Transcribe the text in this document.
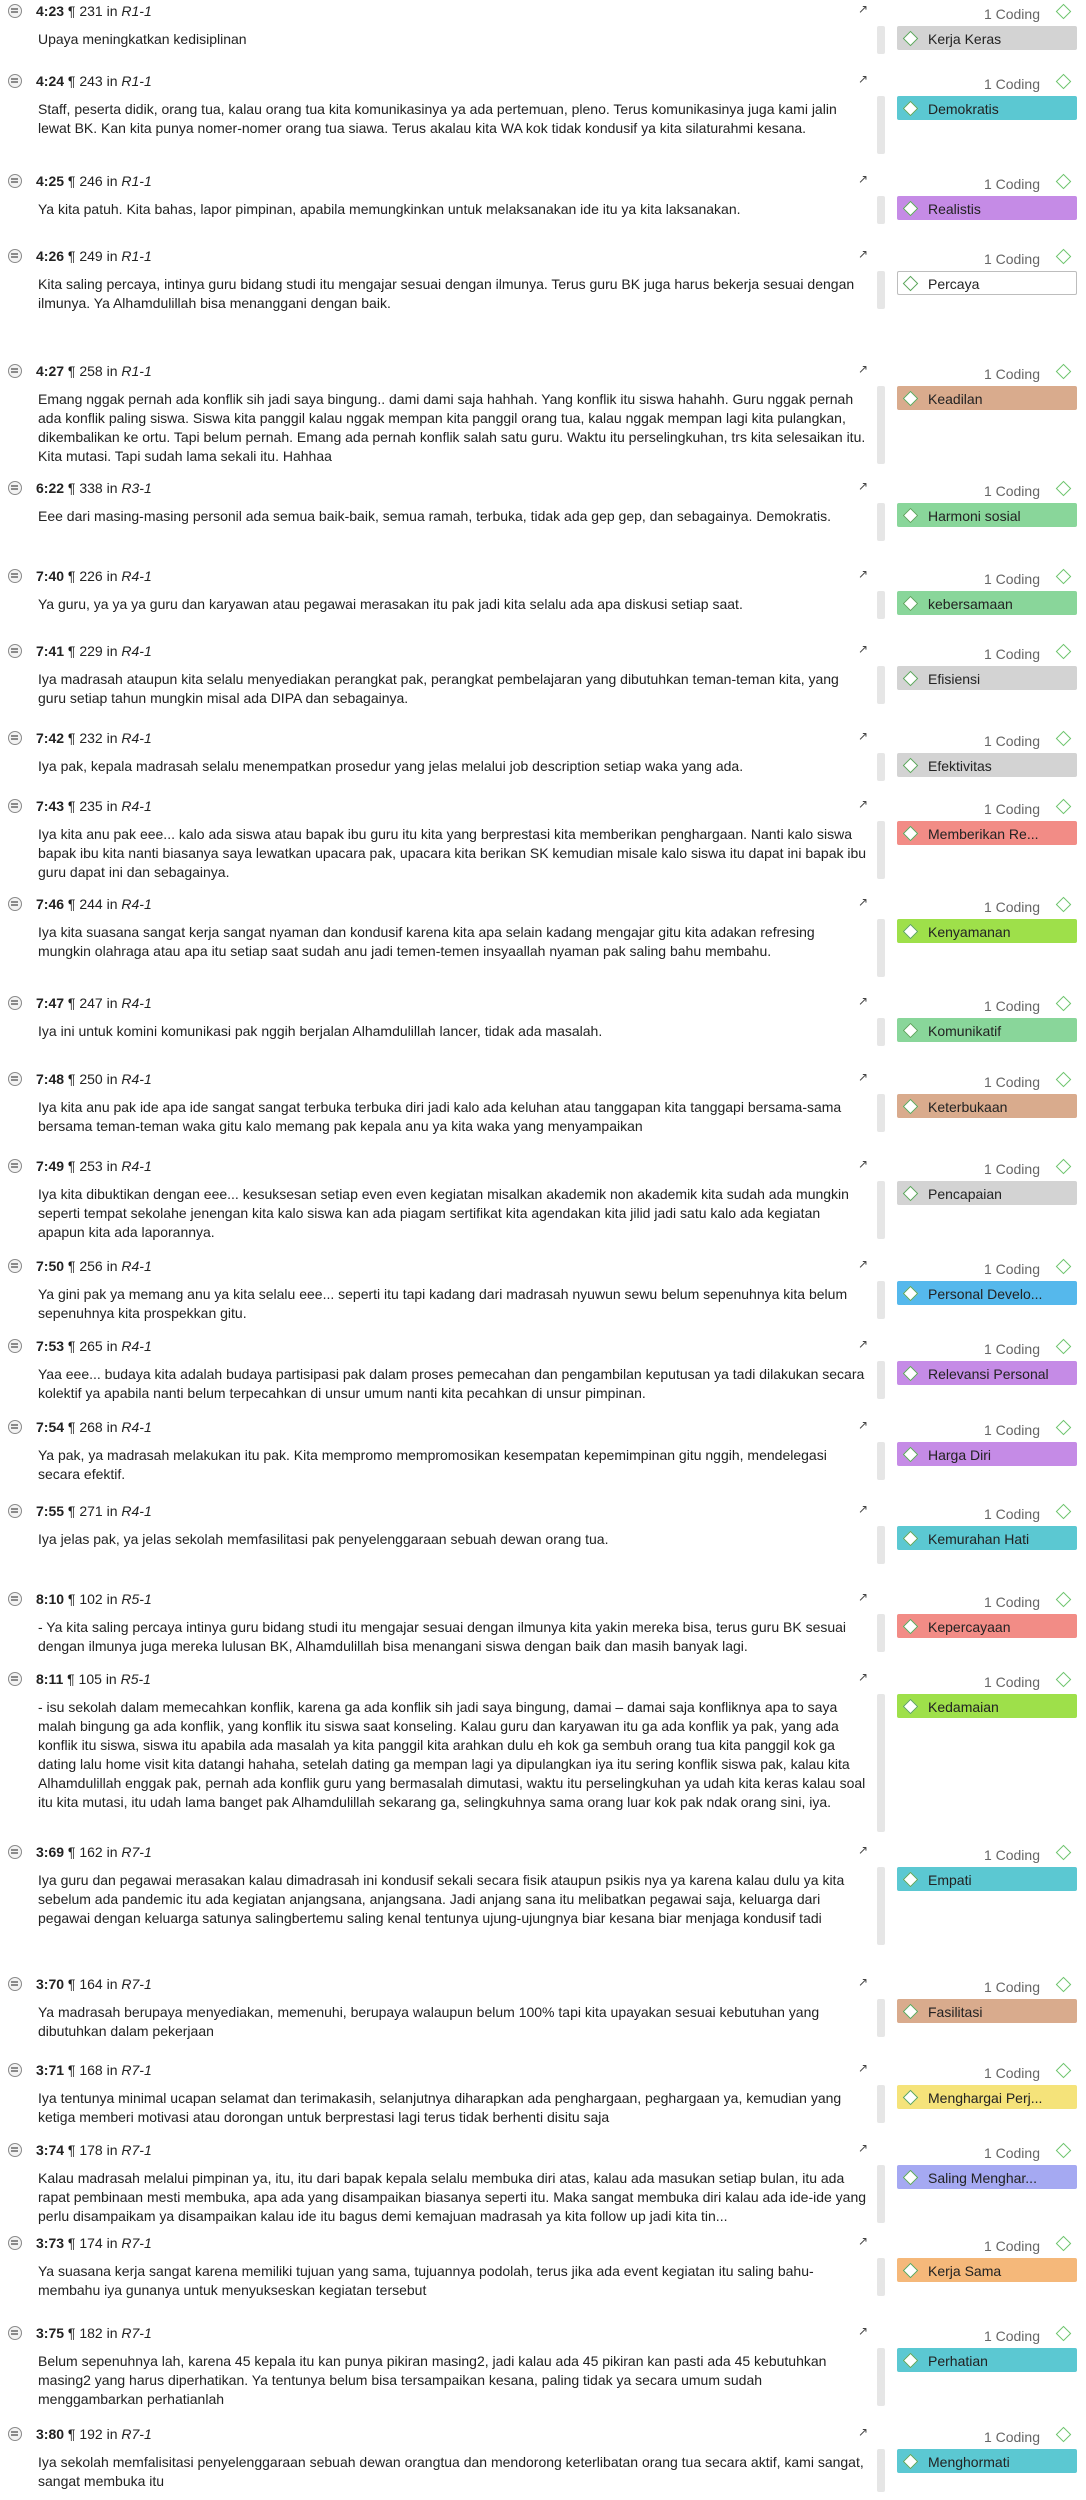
4:23 ¶ 231 in R1-1	↗	1 Coding
Upaya meningkatkan kedisiplinan	Kerja Keras
4:24 ¶ 243 in R1-1	↗	1 Coding
Staff, peserta didik, orang tua, kalau orang tua kita komunikasinya ya ada pertemuan, pleno. Terus komunikasinya juga kami jalin lewat BK. Kan kita punya nomer-nomer orang tua siawa. Terus akalau kita WA kok tidak kondusif ya kita silaturahmi kesana.
Demokratis
4:25 ¶ 246 in R1-1	↗	1 Coding
Ya kita patuh. Kita bahas, lapor pimpinan, apabila memungkinkan untuk melaksanakan ide itu ya kita laksanakan.	Realistis
4:26 ¶ 249 in R1-1	↗	1 Coding
Kita saling percaya, intinya guru bidang studi itu mengajar sesuai dengan ilmunya. Terus guru BK juga harus bekerja sesuai dengan ilmunya. Ya Alhamdulillah bisa menanggani dengan baik.
Percaya
4:27 ¶ 258 in R1-1	↗	1 Coding
Emang nggak pernah ada konflik sih jadi saya bingung.. dami dami saja hahhah. Yang konflik itu siswa hahahh. Guru nggak pernah ada konflik paling siswa. Siswa kita panggil kalau nggak mempan kita panggil orang tua, kalau nggak mempan lagi kita pulangkan, dikembalikan ke ortu. Tapi belum pernah. Emang ada pernah konflik salah satu guru. Waktu itu perselingkuhan, trs kita selesaikan itu. Kita mutasi. Tapi sudah lama sekali itu. Hahhaa
Keadilan
6:22 ¶ 338 in R3-1	↗	1 Coding
Eee dari masing-masing personil ada semua baik-baik, semua ramah, terbuka, tidak ada gep gep, dan sebagainya. Demokratis.	Harmoni sosial
7:40 ¶ 226 in R4-1	↗	1 Coding
Ya guru, ya ya ya guru dan karyawan atau pegawai merasakan itu pak jadi kita selalu ada apa diskusi setiap saat.	kebersamaan
7:41 ¶ 229 in R4-1	↗	1 Coding
Iya madrasah ataupun kita selalu menyediakan perangkat pak, perangkat pembelajaran yang dibutuhkan teman-teman kita, yang guru setiap tahun mungkin misal ada DIPA dan sebagainya.
Efisiensi
7:42 ¶ 232 in R4-1	↗	1 Coding
Iya pak, kepala madrasah selalu menempatkan prosedur yang jelas melalui job description setiap waka yang ada.	Efektivitas
7:43 ¶ 235 in R4-1	↗	1 Coding
Iya kita anu pak eee... kalo ada siswa atau bapak ibu guru itu kita yang berprestasi kita memberikan penghargaan. Nanti kalo siswa bapak ibu kita nanti biasanya saya lewatkan upacara pak, upacara kita berikan SK kemudian misale kalo siswa itu dapat ini bapak ibu guru dapat ini dan sebagainya.
Memberikan Re...
7:46 ¶ 244 in R4-1	↗	1 Coding
Iya kita suasana sangat kerja sangat nyaman dan kondusif karena kita apa selain kadang mengajar gitu kita adakan refresing mungkin olahraga atau apa itu setiap saat sudah anu jadi temen-temen insyaallah nyaman pak saling bahu membahu.
Kenyamanan
7:47 ¶ 247 in R4-1	↗	1 Coding
Iya ini untuk komini komunikasi pak nggih berjalan Alhamdulillah lancer, tidak ada masalah.	Komunikatif
7:48 ¶ 250 in R4-1	↗	1 Coding
Iya kita anu pak ide apa ide sangat sangat terbuka terbuka diri jadi kalo ada keluhan atau tanggapan kita tanggapi bersama-sama bersama teman-teman waka gitu kalo memang pak kepala anu ya kita waka yang menyampaikan
Keterbukaan
7:49 ¶ 253 in R4-1	↗	1 Coding
Iya kita dibuktikan dengan eee... kesuksesan setiap even even kegiatan misalkan akademik non akademik kita sudah ada mungkin seperti tempat sekolahe jenengan kita kalo siswa kan ada piagam sertifikat kita agendakan kita jilid jadi satu kalo ada kegiatan apapun kita ada laporannya.
Pencapaian
7:50 ¶ 256 in R4-1	↗	1 Coding
Ya gini pak ya memang anu ya kita selalu eee... seperti itu tapi kadang dari madrasah nyuwun sewu belum sepenuhnya kita belum sepenuhnya kita prospekkan gitu.
Personal Develo...
7:53 ¶ 265 in R4-1	↗	1 Coding
Yaa eee... budaya kita adalah budaya partisipasi pak dalam proses pemecahan dan pengambilan keputusan ya tadi dilakukan secara kolektif ya apabila nanti belum terpecahkan di unsur umum nanti kita pecahkan di unsur pimpinan.
Relevansi Personal
7:54 ¶ 268 in R4-1	↗	1 Coding
Ya pak, ya madrasah melakukan itu pak. Kita mempromo mempromosikan kesempatan kepemimpinan gitu nggih, mendelegasi secara efektif.
Harga Diri
7:55 ¶ 271 in R4-1	↗	1 Coding
Iya jelas pak, ya jelas sekolah memfasilitasi pak penyelenggaraan sebuah dewan orang tua.	Kemurahan Hati
8:10 ¶ 102 in R5-1	↗	1 Coding
- Ya kita saling percaya intinya guru bidang studi itu mengajar sesuai dengan ilmunya kita yakin mereka bisa, terus guru BK sesuai dengan ilmunya juga mereka lulusan BK, Alhamdulillah bisa menangani siswa dengan baik dan masih banyak lagi.
Kepercayaan
8:11 ¶ 105 in R5-1	↗	1 Coding
- isu sekolah dalam memecahkan konflik, karena ga ada konflik sih jadi saya bingung, damai – damai saja konfliknya apa to saya malah bingung ga ada konflik, yang konflik itu siswa saat konseling. Kalau guru dan karyawan itu ga ada konflik ya pak, yang ada konflik itu siswa, siswa itu apabila ada masalah ya kita panggil kita arahkan dulu eh kok ga sembuh orang tua kita panggil kok ga dating lalu home visit kita datangi hahaha, setelah dating ga mempan lagi ya dipulangkan iya itu sering konflik siswa pak, kalau kita Alhamdulillah enggak pak, pernah ada konflik guru yang bermasalah dimutasi, waktu itu perselingkuhan ya udah kita keras kalau soal itu kita mutasi, itu udah lama banget pak Alhamdulillah sekarang ga, selingkuhnya sama orang luar kok pak ndak orang sini, iya.
Kedamaian
3:69 ¶ 162 in R7-1	↗	1 Coding
Iya guru dan pegawai merasakan kalau dimadrasah ini kondusif sekali secara fisik ataupun psikis nya ya karena kalau dulu ya kita sebelum ada pandemic itu ada kegiatan anjangsana, anjangsana. Jadi anjang sana itu melibatkan pegawai saja, keluarga dari pegawai dengan keluarga satunya salingbertemu saling kenal tentunya ujung-ujungnya biar kesana biar menjaga kondusif tadi
Empati
3:70 ¶ 164 in R7-1	↗	1 Coding
Ya madrasah berupaya menyediakan, memenuhi, berupaya walaupun belum 100% tapi kita upayakan sesuai kebutuhan yang dibutuhkan dalam pekerjaan
Fasilitasi
3:71 ¶ 168 in R7-1	↗	1 Coding
Iya tentunya minimal ucapan selamat dan terimakasih, selanjutnya diharapkan ada penghargaan, peghargaan ya, kemudian yang ketiga memberi motivasi atau dorongan untuk berprestasi lagi terus tidak berhenti disitu saja
Menghargai Perj...
3:74 ¶ 178 in R7-1	↗	1 Coding
Kalau madrasah melalui pimpinan ya, itu, itu dari bapak kepala selalu membuka diri atas, kalau ada masukan setiap bulan, itu ada rapat pembinaan mesti membuka, apa ada yang disampaikan biasanya seperti itu. Maka sangat membuka diri kalau ada ide-ide yang perlu disampaikam ya disampaikan kalau ide itu bagus demi kemajuan madrasah ya kita follow up jadi kita tin...
Saling Menghar...
3:73 ¶ 174 in R7-1	↗	1 Coding
Ya suasana kerja sangat karena memiliki tujuan yang sama, tujuannya podolah, terus jika ada event kegiatan itu saling bahu-membahu iya gunanya untuk menyukseskan kegiatan tersebut
Kerja Sama
3:75 ¶ 182 in R7-1	↗	1 Coding
Belum sepenuhnya lah, karena 45 kepala itu kan punya pikiran masing2, jadi kalau ada 45 pikiran kan pasti ada 45 kebutuhkan masing2 yang harus diperhatikan. Ya tentunya belum bisa tersampaikan kesana, paling tidak ya secara umum sudah menggambarkan perhatianlah
Perhatian
3:80 ¶ 192 in R7-1	↗	1 Coding
Iya sekolah memfalisitasi penyelenggaraan sebuah dewan orangtua dan mendorong keterlibatan orang tua secara aktif, kami sangat, sangat membuka itu
Menghormati
